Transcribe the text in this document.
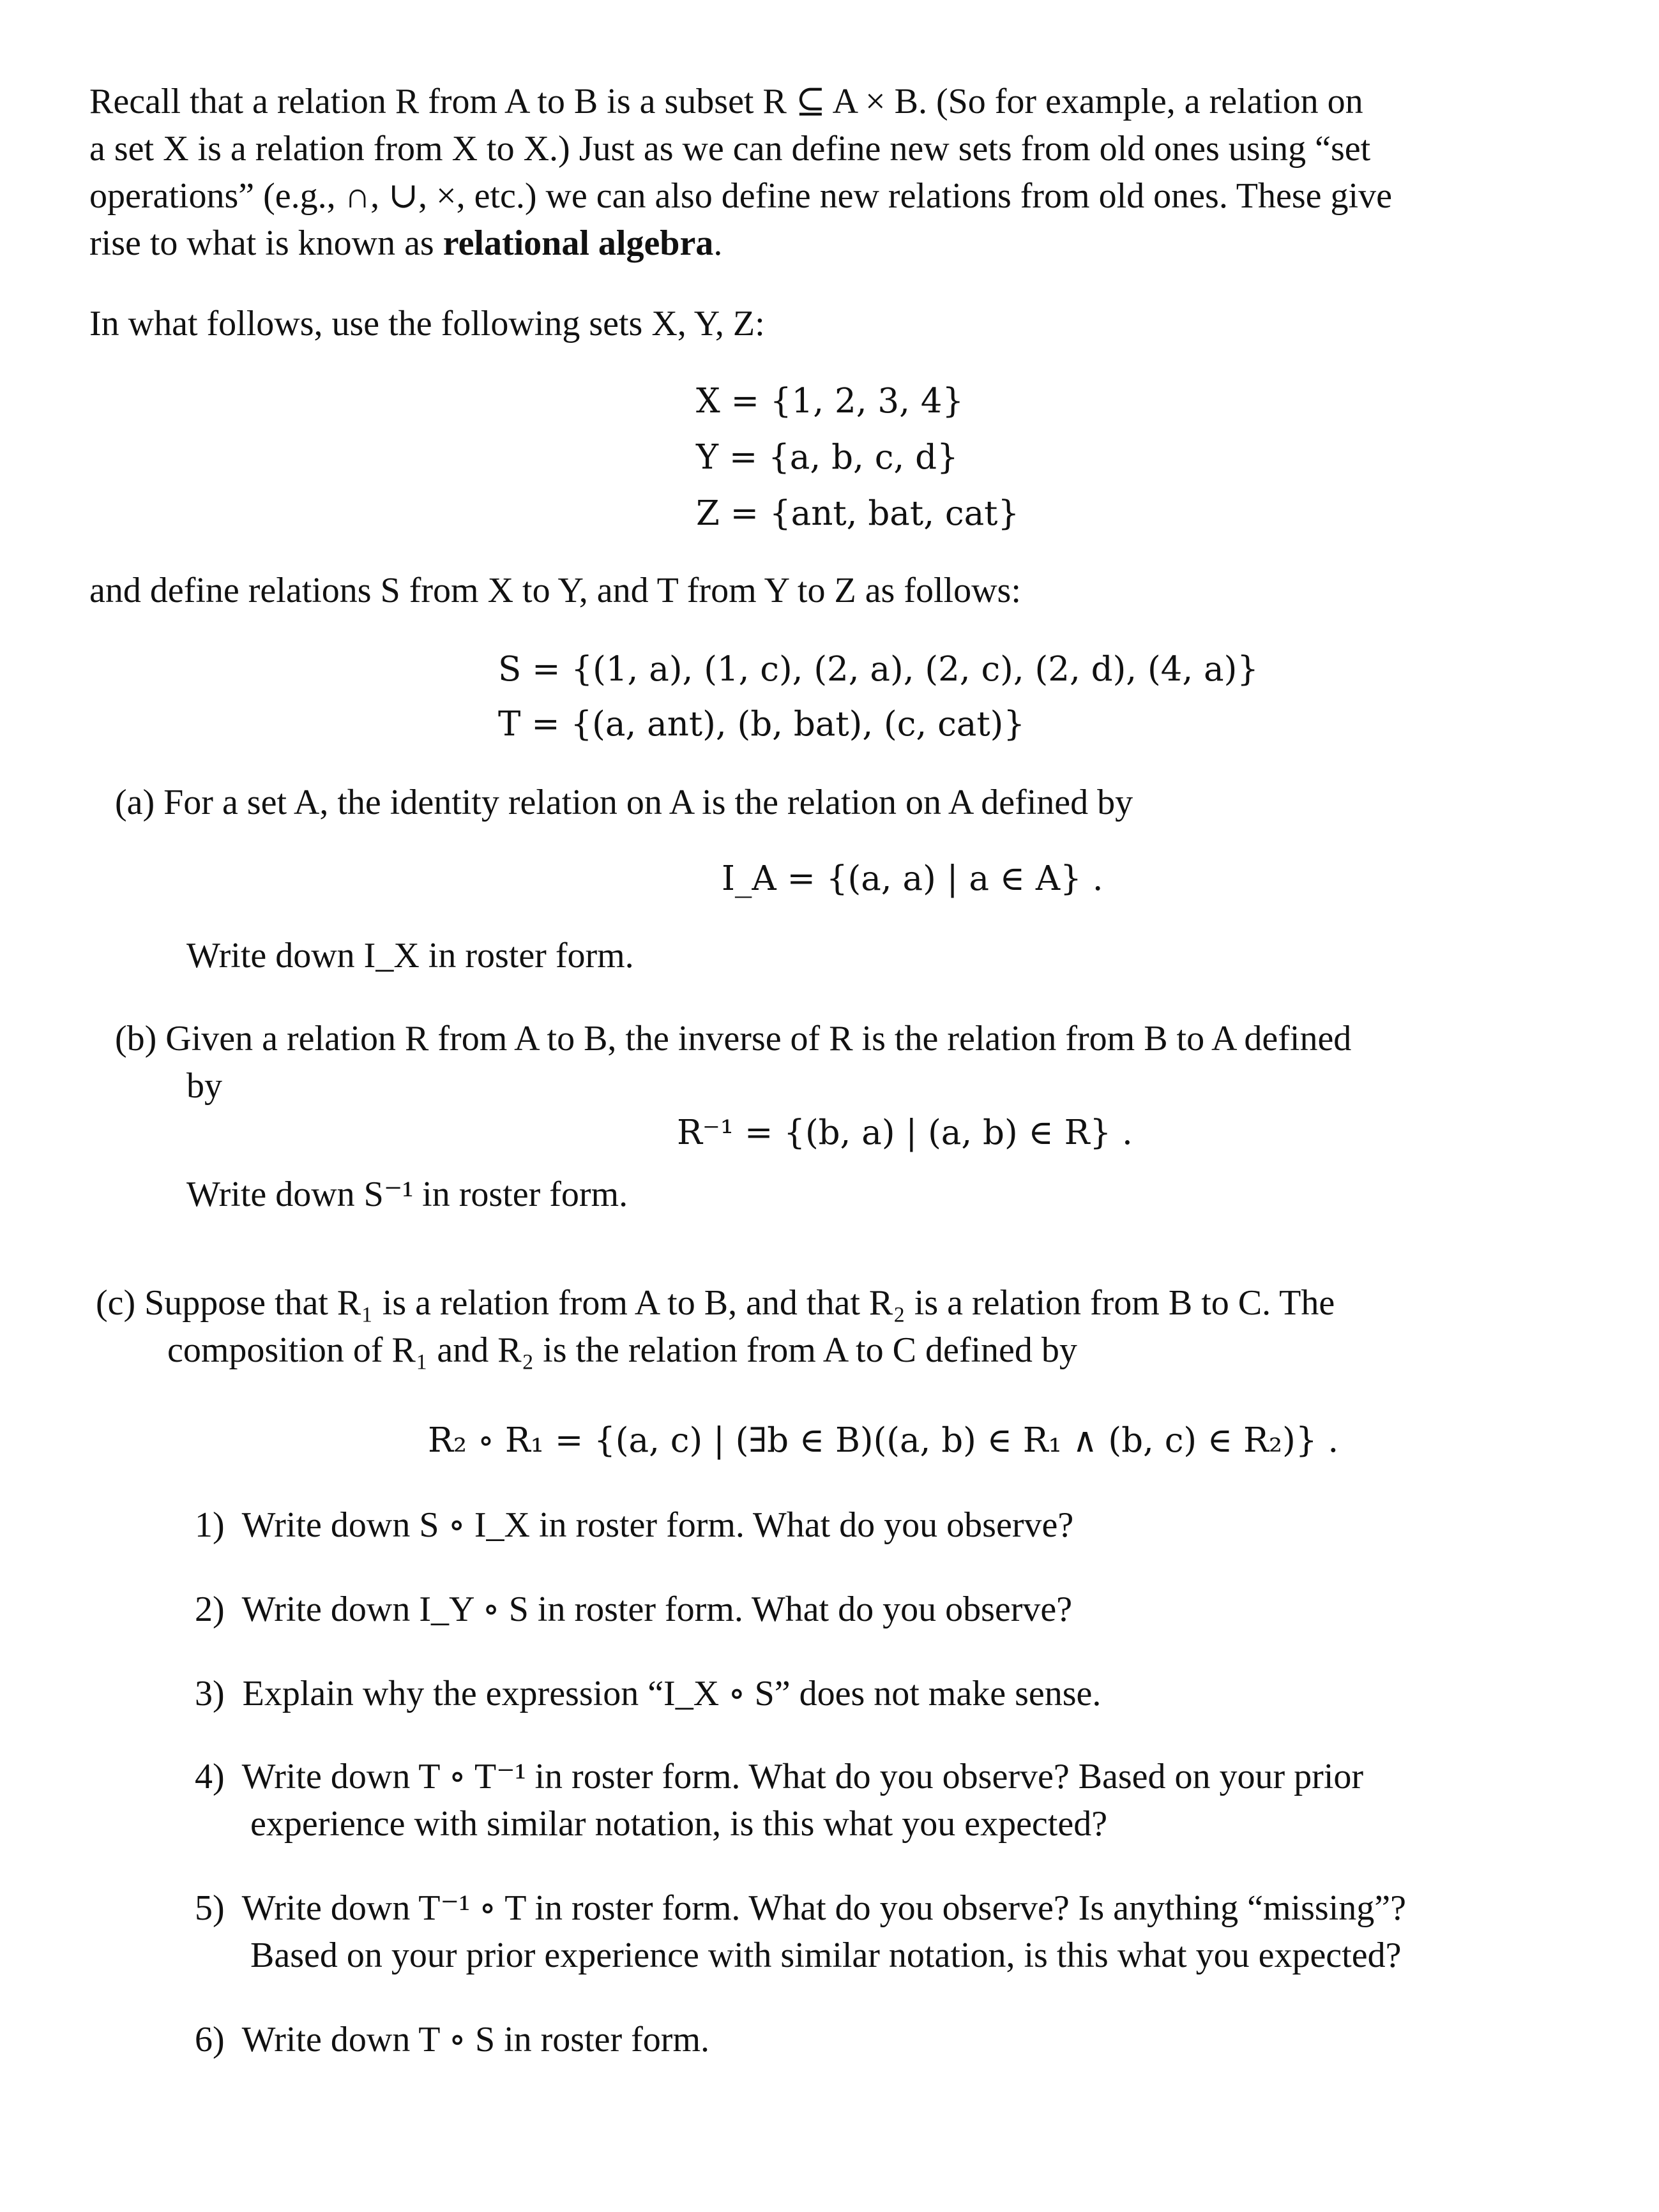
Recall that a relation R from A to B is a subset R ⊆ A × B. (So for example, a relation on
a set X is a relation from X to X.) Just as we can define new sets from old ones using “set
operations” (e.g., ∩, ∪, ×, etc.) we can also define new relations from old ones. These give
rise to what is known as relational algebra.
In what follows, use the following sets X, Y, Z:
X = {1, 2, 3, 4}
Y = {a, b, c, d}
Z = {ant, bat, cat}
and define relations S from X to Y, and T from Y to Z as follows:
S = {(1, a), (1, c), (2, a), (2, c), (2, d), (4, a)}
T = {(a, ant), (b, bat), (c, cat)}
(a) For a set A, the identity relation on A is the relation on A defined by
I_A = {(a, a) | a ∈ A} .
Write down I_X in roster form.
(b) Given a relation R from A to B, the inverse of R is the relation from B to A defined
by
R⁻¹ = {(b, a) | (a, b) ∈ R} .
Write down S⁻¹ in roster form.
(c) Suppose that R₁ is a relation from A to B, and that R₂ is a relation from B to C. The
composition of R₁ and R₂ is the relation from A to C defined by
R₂ ∘ R₁ = {(a, c) | (∃b ∈ B)((a, b) ∈ R₁ ∧ (b, c) ∈ R₂)} .
1)  Write down S ∘ I_X in roster form. What do you observe?
2)  Write down I_Y ∘ S in roster form. What do you observe?
3)  Explain why the expression “I_X ∘ S” does not make sense.
4)  Write down T ∘ T⁻¹ in roster form. What do you observe? Based on your prior
experience with similar notation, is this what you expected?
5)  Write down T⁻¹ ∘ T in roster form. What do you observe? Is anything “missing”?
Based on your prior experience with similar notation, is this what you expected?
6)  Write down T ∘ S in roster form.
